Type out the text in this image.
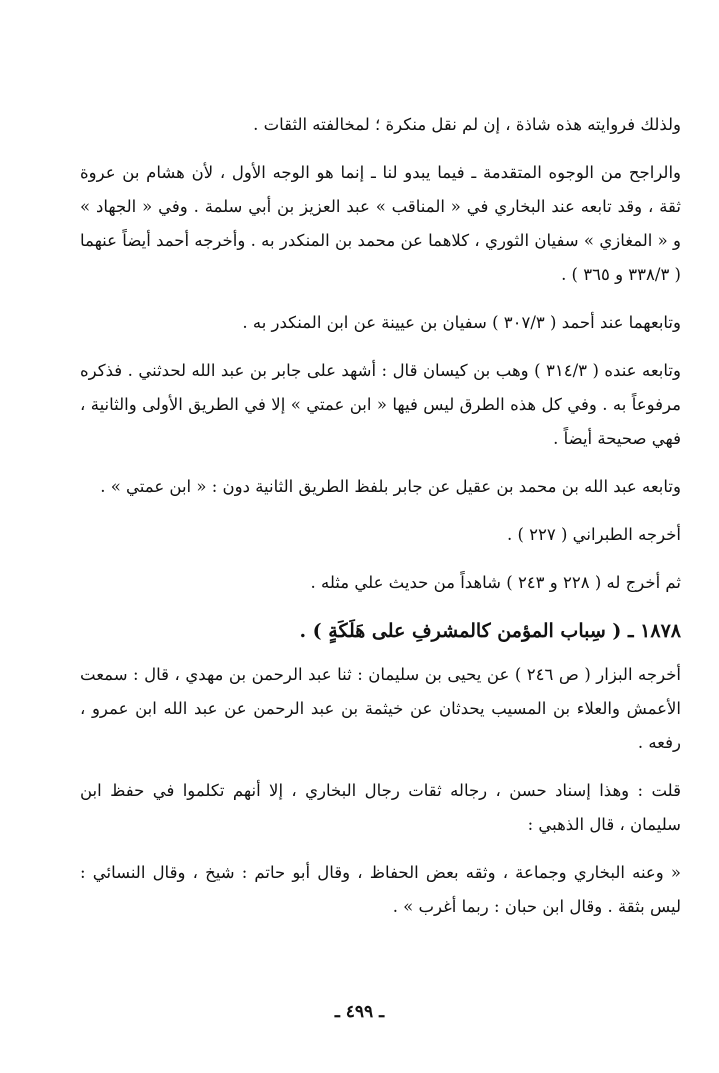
ولذلك فروايته هذه شاذة ، إن لم نقل منكرة ؛ لمخالفته الثقات .

والراجح من الوجوه المتقدمة ـ فيما يبدو لنا ـ إنما هو الوجه الأول ، لأن هشام بن عروة ثقة ، وقد تابعه عند البخاري في « المناقب » عبد العزيز بن أبي سلمة . وفي « الجهاد » و « المغازي » سفيان الثوري ، كلاهما عن محمد بن المنكدر به . وأخرجه أحمد أيضاً عنهما ( ٣٣٨/٣ و ٣٦٥ ) .

وتابعهما عند أحمد ( ٣٠٧/٣ ) سفيان بن عيينة عن ابن المنكدر به .

وتابعه عنده ( ٣١٤/٣ ) وهب بن كيسان قال : أشهد على جابر بن عبد الله لحدثني . فذكره مرفوعاً به . وفي كل هذه الطرق ليس فيها « ابن عمتي » إلا في الطريق الأولى والثانية ، فهي صحيحة أيضاً .

وتابعه عبد الله بن محمد بن عقيل عن جابر بلفظ الطريق الثانية دون : « ابن عمتي » .

أخرجه الطبراني ( ٢٢٧ ) .

ثم أخرج له ( ٢٢٨ و ٢٤٣ ) شاهداً من حديث علي مثله .

١٨٧٨ ـ ( سِباب المؤمن كالمشرفِ على هَلَكَةٍ ) .

أخرجه البزار ( ص ٢٤٦ ) عن يحيى بن سليمان : ثنا عبد الرحمن بن مهدي ، قال : سمعت الأعمش والعلاء بن المسيب يحدثان عن خيثمة بن عبد الرحمن عن عبد الله ابن عمرو ، رفعه .

قلت : وهذا إسناد حسن ، رجاله ثقات رجال البخاري ، إلا أنهم تكلموا في حفظ ابن سليمان ، قال الذهبي :

« وعنه البخاري وجماعة ، وثقه بعض الحفاظ ، وقال أبو حاتم : شيخ ، وقال النسائي : ليس بثقة . وقال ابن حبان : ربما أغرب » .

ـ ٤٩٩ ـ
